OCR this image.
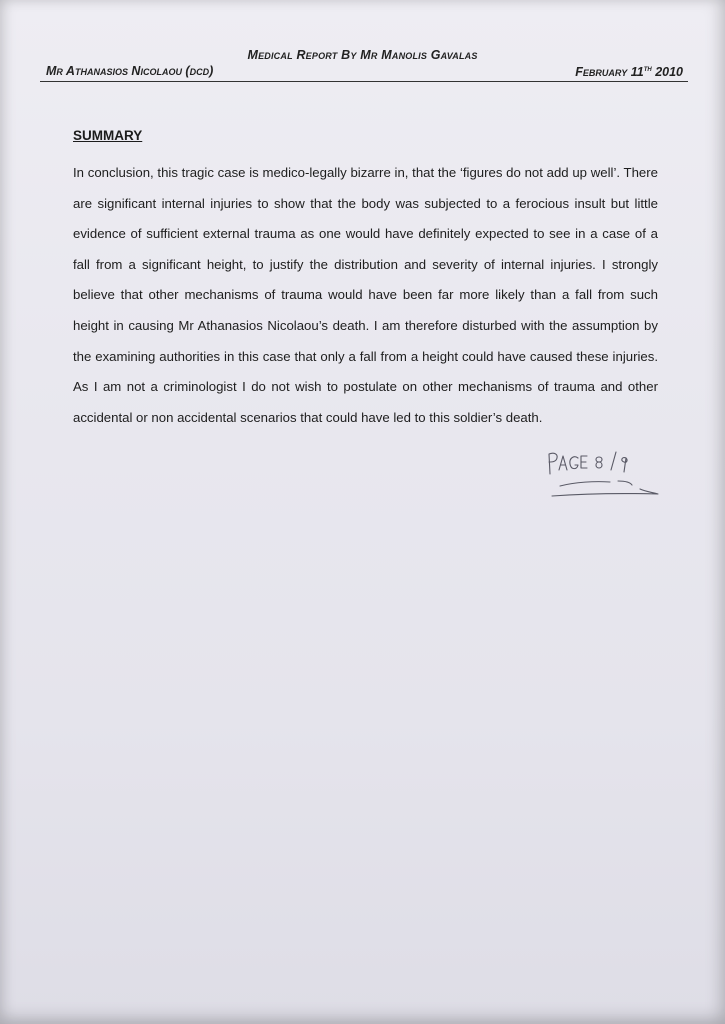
Medical Report By Mr Manolis Gavalas
Mr Athanasios Nicolaou (dcd)	February 11th 2010
SUMMARY
In conclusion, this tragic case is medico-legally bizarre in, that the ‘figures do not add up well’. There are significant internal injuries to show that the body was subjected to a ferocious insult but little evidence of sufficient external trauma as one would have definitely expected to see in a case of a fall from a significant height, to justify the distribution and severity of internal injuries. I strongly believe that other mechanisms of trauma would have been far more likely than a fall from such height in causing Mr Athanasios Nicolaou’s death. I am therefore disturbed with the assumption by the examining authorities in this case that only a fall from a height could have caused these injuries. As I am not a criminologist I do not wish to postulate on other mechanisms of trauma and other accidental or non accidental scenarios that could have led to this soldier’s death.
